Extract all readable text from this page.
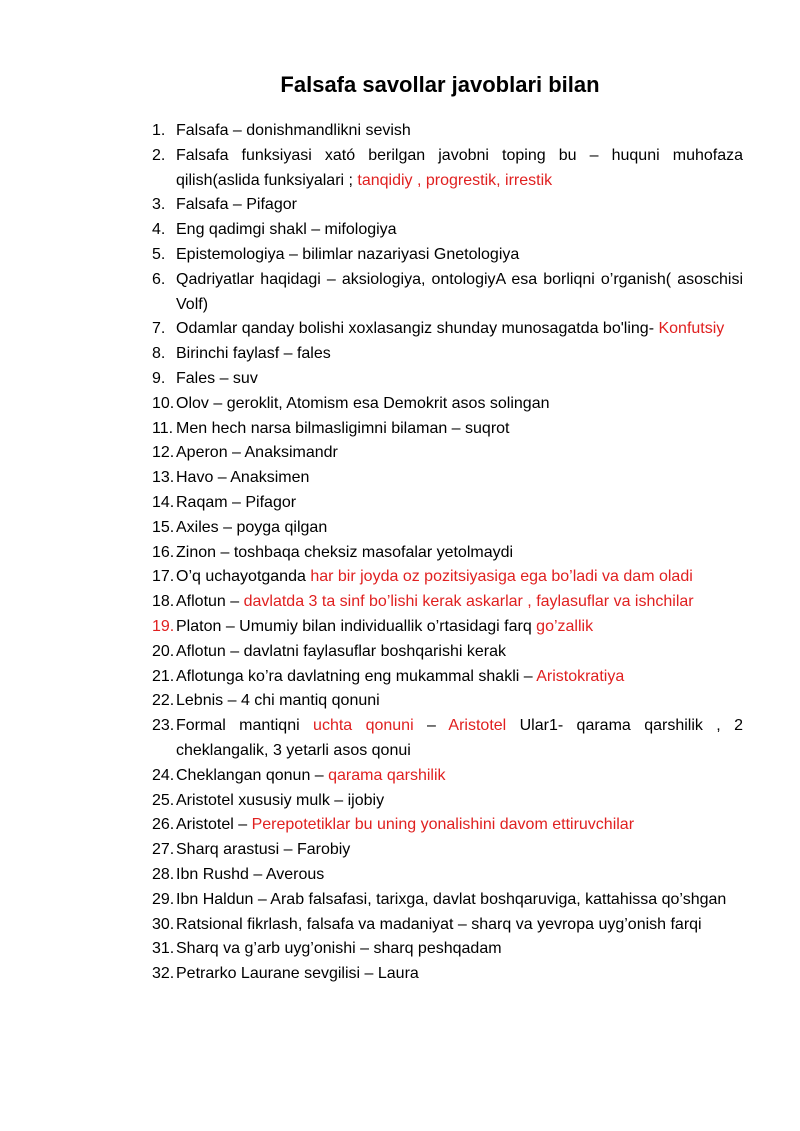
Falsafa savollar javoblari bilan
1. Falsafa – donishmandlikni sevish
2. Falsafa funksiyasi xató berilgan javobni toping bu – huquni muhofaza qilish(aslida funksiyalari ; tanqidiy , progrestik, irrestik
3. Falsafa – Pifagor
4. Eng qadimgi shakl – mifologiya
5. Epistemologiya – bilimlar nazariyasi Gnetologiya
6. Qadriyatlar haqidagi – aksiologiya, ontologiyA esa borliqni o’rganish( asoschisi Volf)
7. Odamlar qanday bolishi xoxlasangiz shunday munosagatda bo'ling- Konfutsiy
8. Birinchi faylasf – fales
9. Fales – suv
10. Olov – geroklit, Atomism esa Demokrit asos solingan
11. Men hech narsa bilmasligimni bilaman – suqrot
12. Aperon – Anaksimandr
13. Havo – Anaksimen
14. Raqam – Pifagor
15. Axiles – poyga qilgan
16. Zinon – toshbaqa cheksiz masofalar yetolmaydi
17. O’q uchayotganda har bir joyda oz pozitsiyasiga ega bo’ladi va dam oladi
18. Aflotun – davlatda 3 ta sinf bo’lishi kerak askarlar , faylasuflar va ishchilar
19. Platon – Umumiy bilan individuallik o’rtasidagi farq go’zallik
20. Aflotun – davlatni faylasuflar boshqarishi kerak
21. Aflotunga ko’ra davlatning eng mukammal shakli – Aristokratiya
22. Lebnis – 4 chi mantiq qonuni
23. Formal mantiqni uchta qonuni – Aristotel Ular1- qarama qarshilik , 2 cheklangalik, 3 yetarli asos qonui
24. Cheklangan qonun – qarama qarshilik
25. Aristotel xususiy mulk – ijobiy
26. Aristotel – Perepotetiklar bu uning yonalishini davom ettiruvchilar
27. Sharq arastusi – Farobiy
28. Ibn Rushd – Averous
29. Ibn Haldun – Arab falsafasi, tarixga, davlat boshqaruviga, kattahissa qo’shgan
30. Ratsional fikrlash, falsafa va madaniyat – sharq va yevropa uyg’onish farqi
31. Sharq va g’arb uyg’onishi – sharq peshqadam
32. Petrarko Laurane sevgilisi – Laura
